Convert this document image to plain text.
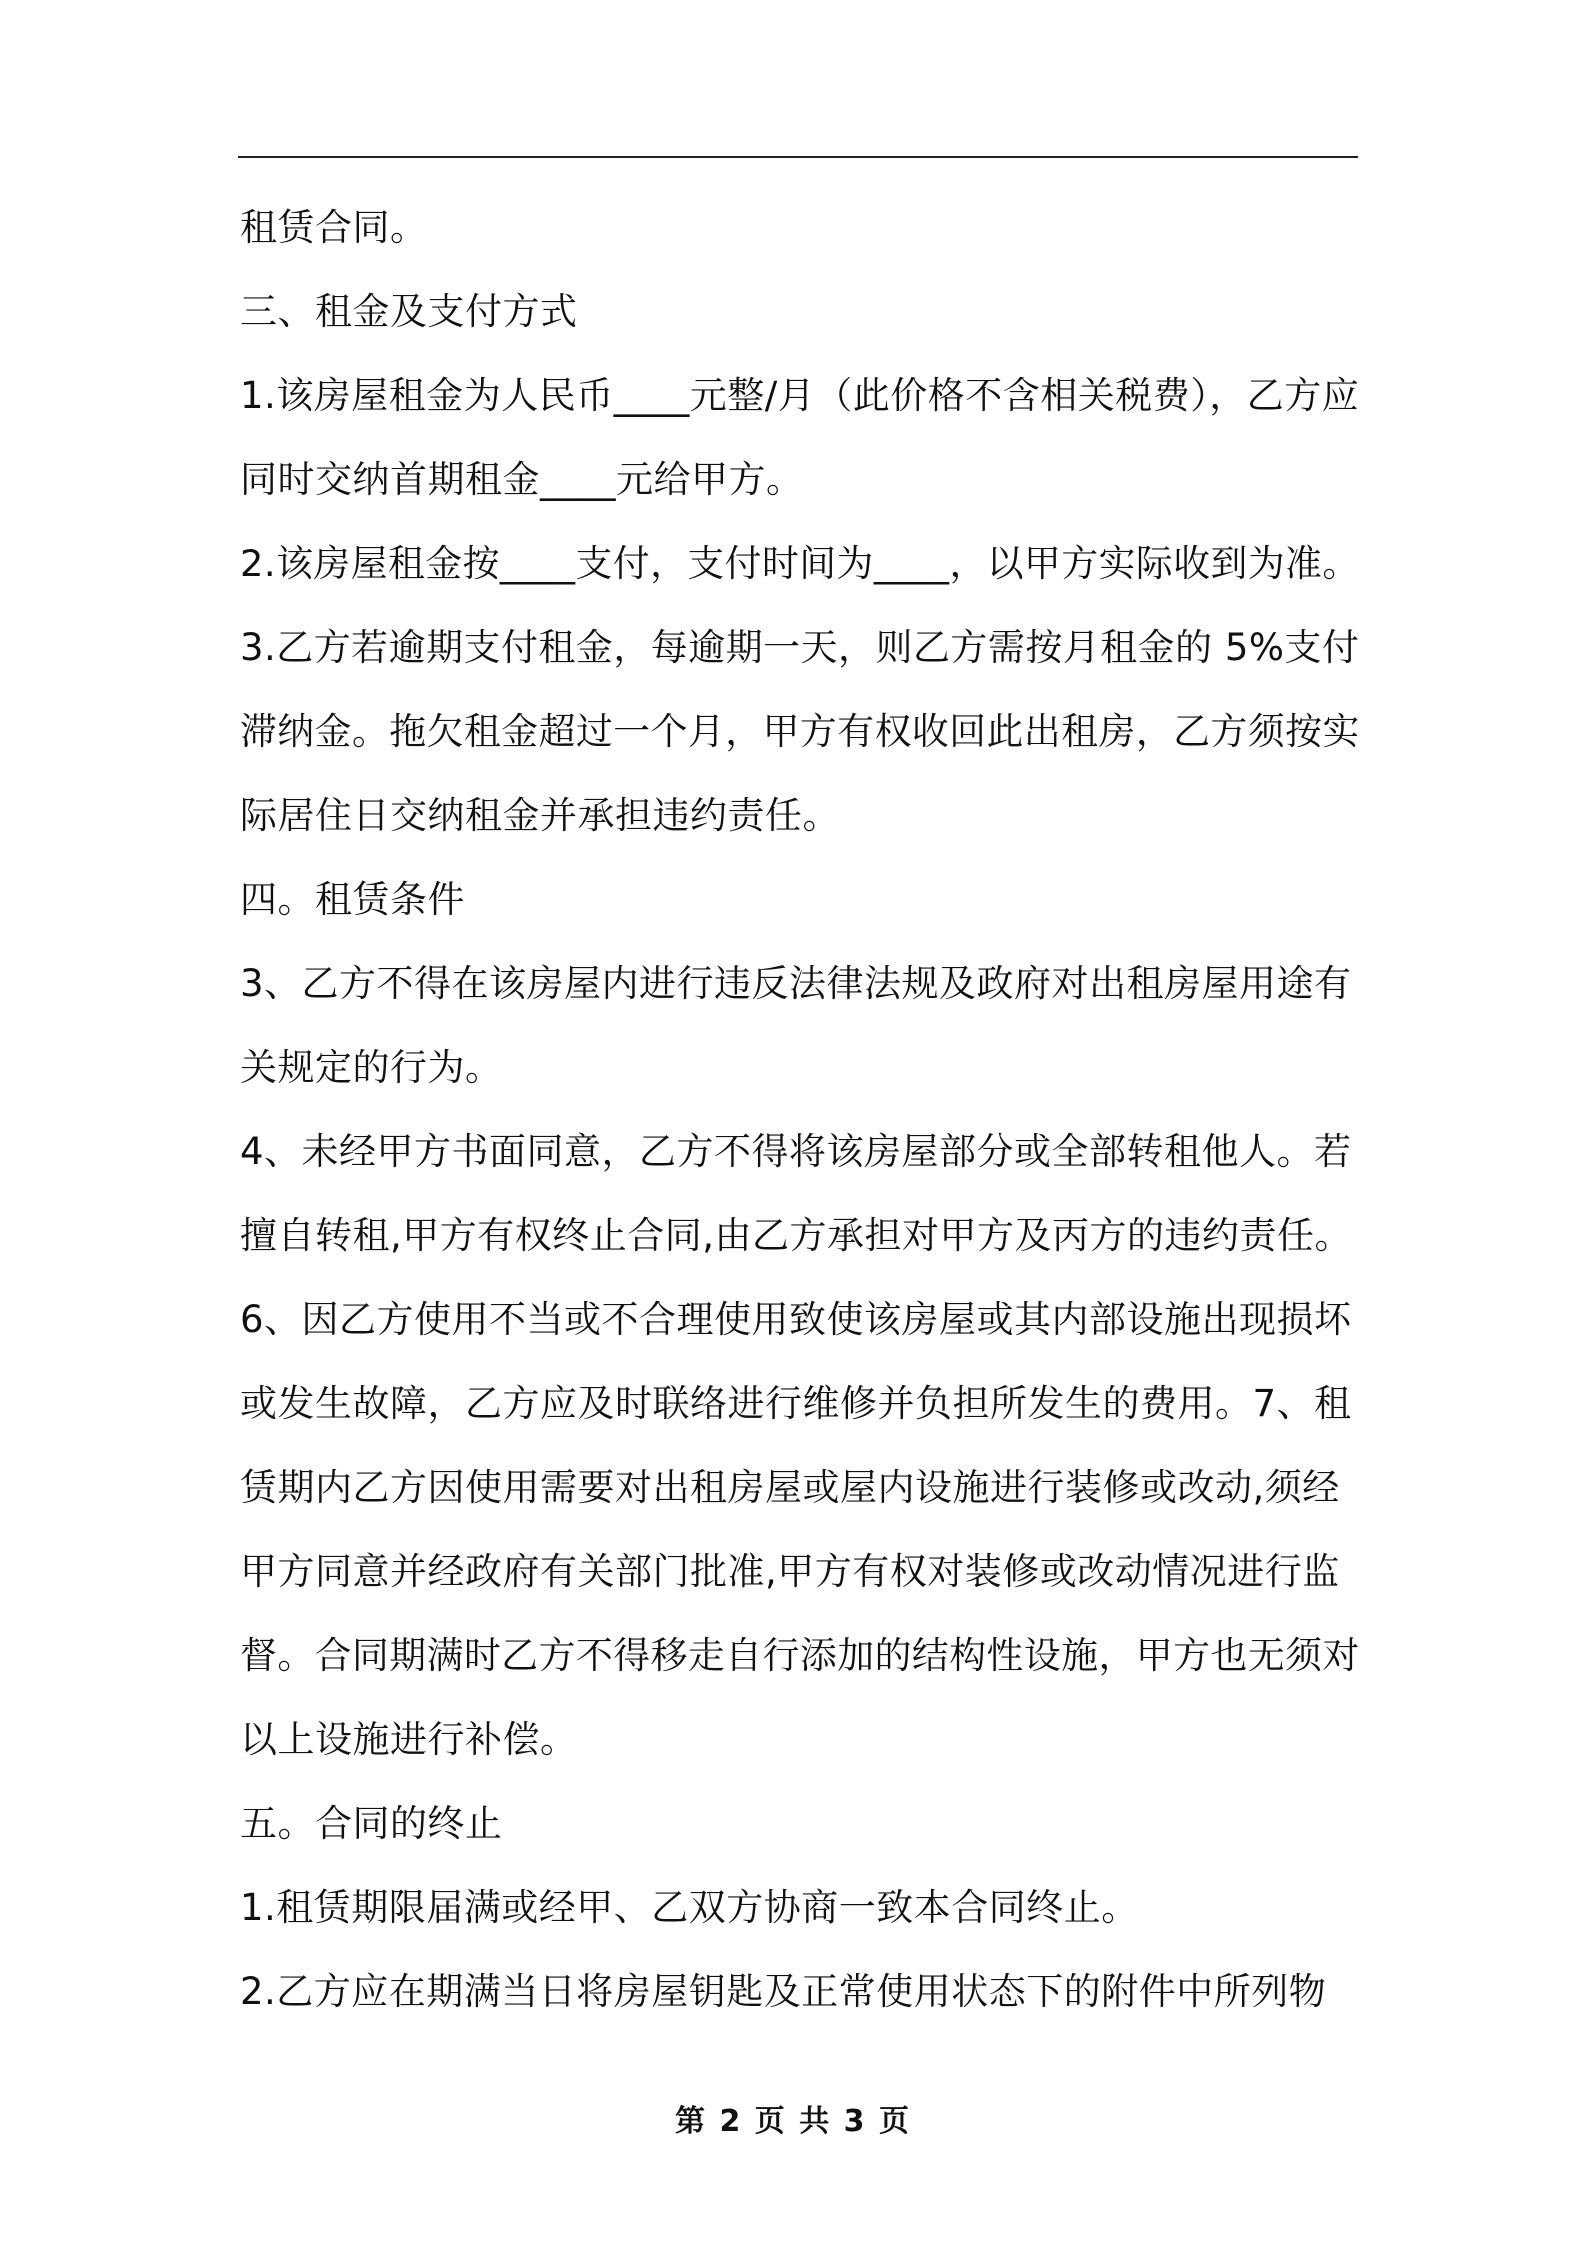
租赁合同。
三、租金及支付方式
1.该房屋租金为人民币____元整/月（此价格不含相关税费），乙方应
同时交纳首期租金____元给甲方。
2.该房屋租金按____支付，支付时间为____，以甲方实际收到为准。
3.乙方若逾期支付租金，每逾期一天，则乙方需按月租金的 5%支付
滞纳金。拖欠租金超过一个月，甲方有权收回此出租房，乙方须按实
际居住日交纳租金并承担违约责任。
四。租赁条件
3、乙方不得在该房屋内进行违反法律法规及政府对出租房屋用途有
关规定的行为。
4、未经甲方书面同意，乙方不得将该房屋部分或全部转租他人。若
擅自转租,甲方有权终止合同,由乙方承担对甲方及丙方的违约责任。
6、因乙方使用不当或不合理使用致使该房屋或其内部设施出现损坏
或发生故障，乙方应及时联络进行维修并负担所发生的费用。7、租
赁期内乙方因使用需要对出租房屋或屋内设施进行装修或改动,须经
甲方同意并经政府有关部门批准,甲方有权对装修或改动情况进行监
督。合同期满时乙方不得移走自行添加的结构性设施，甲方也无须对
以上设施进行补偿。
五。合同的终止
1.租赁期限届满或经甲、乙双方协商一致本合同终止。
2.乙方应在期满当日将房屋钥匙及正常使用状态下的附件中所列物
第 2 页 共 3 页
